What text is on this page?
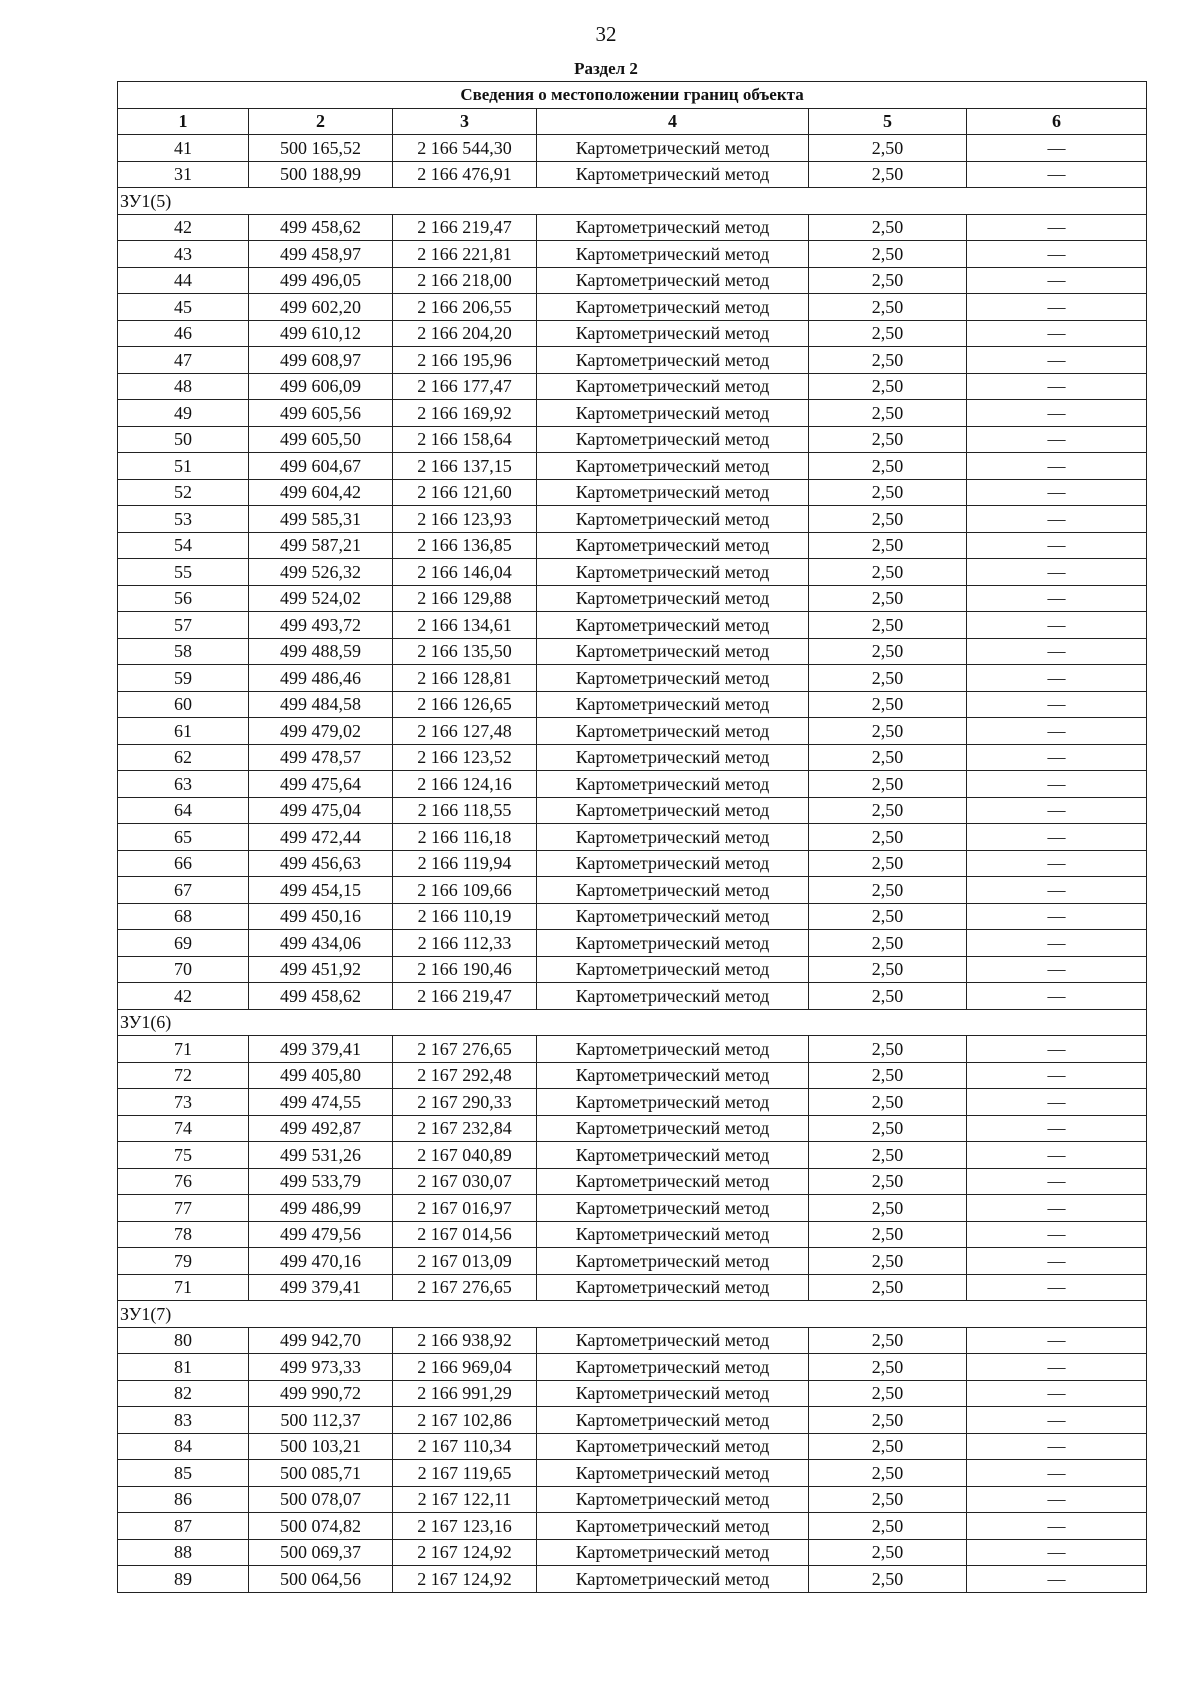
32
Раздел 2
Сведения о местоположении границ объекта					
1	2	3	4	5	6
41	500 165,52	2 166 544,30	Картометрический метод	2,50	—
31	500 188,99	2 166 476,91	Картометрический метод	2,50	—
ЗУ1(5)					
42	499 458,62	2 166 219,47	Картометрический метод	2,50	—
43	499 458,97	2 166 221,81	Картометрический метод	2,50	—
44	499 496,05	2 166 218,00	Картометрический метод	2,50	—
45	499 602,20	2 166 206,55	Картометрический метод	2,50	—
46	499 610,12	2 166 204,20	Картометрический метод	2,50	—
47	499 608,97	2 166 195,96	Картометрический метод	2,50	—
48	499 606,09	2 166 177,47	Картометрический метод	2,50	—
49	499 605,56	2 166 169,92	Картометрический метод	2,50	—
50	499 605,50	2 166 158,64	Картометрический метод	2,50	—
51	499 604,67	2 166 137,15	Картометрический метод	2,50	—
52	499 604,42	2 166 121,60	Картометрический метод	2,50	—
53	499 585,31	2 166 123,93	Картометрический метод	2,50	—
54	499 587,21	2 166 136,85	Картометрический метод	2,50	—
55	499 526,32	2 166 146,04	Картометрический метод	2,50	—
56	499 524,02	2 166 129,88	Картометрический метод	2,50	—
57	499 493,72	2 166 134,61	Картометрический метод	2,50	—
58	499 488,59	2 166 135,50	Картометрический метод	2,50	—
59	499 486,46	2 166 128,81	Картометрический метод	2,50	—
60	499 484,58	2 166 126,65	Картометрический метод	2,50	—
61	499 479,02	2 166 127,48	Картометрический метод	2,50	—
62	499 478,57	2 166 123,52	Картометрический метод	2,50	—
63	499 475,64	2 166 124,16	Картометрический метод	2,50	—
64	499 475,04	2 166 118,55	Картометрический метод	2,50	—
65	499 472,44	2 166 116,18	Картометрический метод	2,50	—
66	499 456,63	2 166 119,94	Картометрический метод	2,50	—
67	499 454,15	2 166 109,66	Картометрический метод	2,50	—
68	499 450,16	2 166 110,19	Картометрический метод	2,50	—
69	499 434,06	2 166 112,33	Картометрический метод	2,50	—
70	499 451,92	2 166 190,46	Картометрический метод	2,50	—
42	499 458,62	2 166 219,47	Картометрический метод	2,50	—
ЗУ1(6)					
71	499 379,41	2 167 276,65	Картометрический метод	2,50	—
72	499 405,80	2 167 292,48	Картометрический метод	2,50	—
73	499 474,55	2 167 290,33	Картометрический метод	2,50	—
74	499 492,87	2 167 232,84	Картометрический метод	2,50	—
75	499 531,26	2 167 040,89	Картометрический метод	2,50	—
76	499 533,79	2 167 030,07	Картометрический метод	2,50	—
77	499 486,99	2 167 016,97	Картометрический метод	2,50	—
78	499 479,56	2 167 014,56	Картометрический метод	2,50	—
79	499 470,16	2 167 013,09	Картометрический метод	2,50	—
71	499 379,41	2 167 276,65	Картометрический метод	2,50	—
ЗУ1(7)					
80	499 942,70	2 166 938,92	Картометрический метод	2,50	—
81	499 973,33	2 166 969,04	Картометрический метод	2,50	—
82	499 990,72	2 166 991,29	Картометрический метод	2,50	—
83	500 112,37	2 167 102,86	Картометрический метод	2,50	—
84	500 103,21	2 167 110,34	Картометрический метод	2,50	—
85	500 085,71	2 167 119,65	Картометрический метод	2,50	—
86	500 078,07	2 167 122,11	Картометрический метод	2,50	—
87	500 074,82	2 167 123,16	Картометрический метод	2,50	—
88	500 069,37	2 167 124,92	Картометрический метод	2,50	—
89	500 064,56	2 167 124,92	Картометрический метод	2,50	—
